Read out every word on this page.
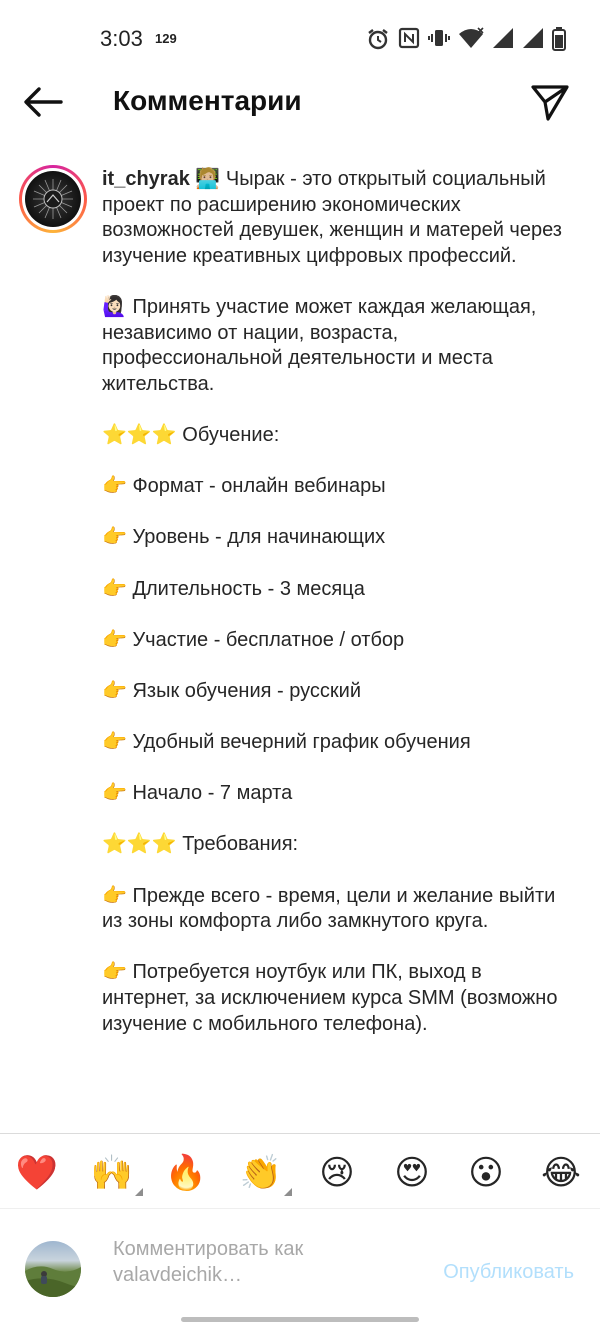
3:03 129
Комментарии

it_chyrak 🧑🏼‍💻 Чырак - это открытый социальный проект по расширению экономических возможностей девушек, женщин и матерей через изучение креативных цифровых профессий.

🙋🏻‍♀️ Принять участие может каждая желающая, независимо от нации, возраста, профессиональной деятельности и места жительства.

⭐⭐⭐ Обучение:

👉 Формат - онлайн вебинары

👉 Уровень - для начинающих

👉 Длительность - 3 месяца

👉 Участие - бесплатное / отбор

👉 Язык обучения - русский

👉 Удобный вечерний график обучения

👉 Начало - 7 марта

⭐⭐⭐ Требования:

👉 Прежде всего - время, цели и желание выйти из зоны комфорта либо замкнутого круга.

👉 Потребуется ноутбук или ПК, выход в интернет, за исключением курса SMM (возможно изучение с мобильного телефона).

❤️ 🙌 🔥 👏 😢 😍 😮 😂
Комментировать как valavdeichik…	Опубликовать
